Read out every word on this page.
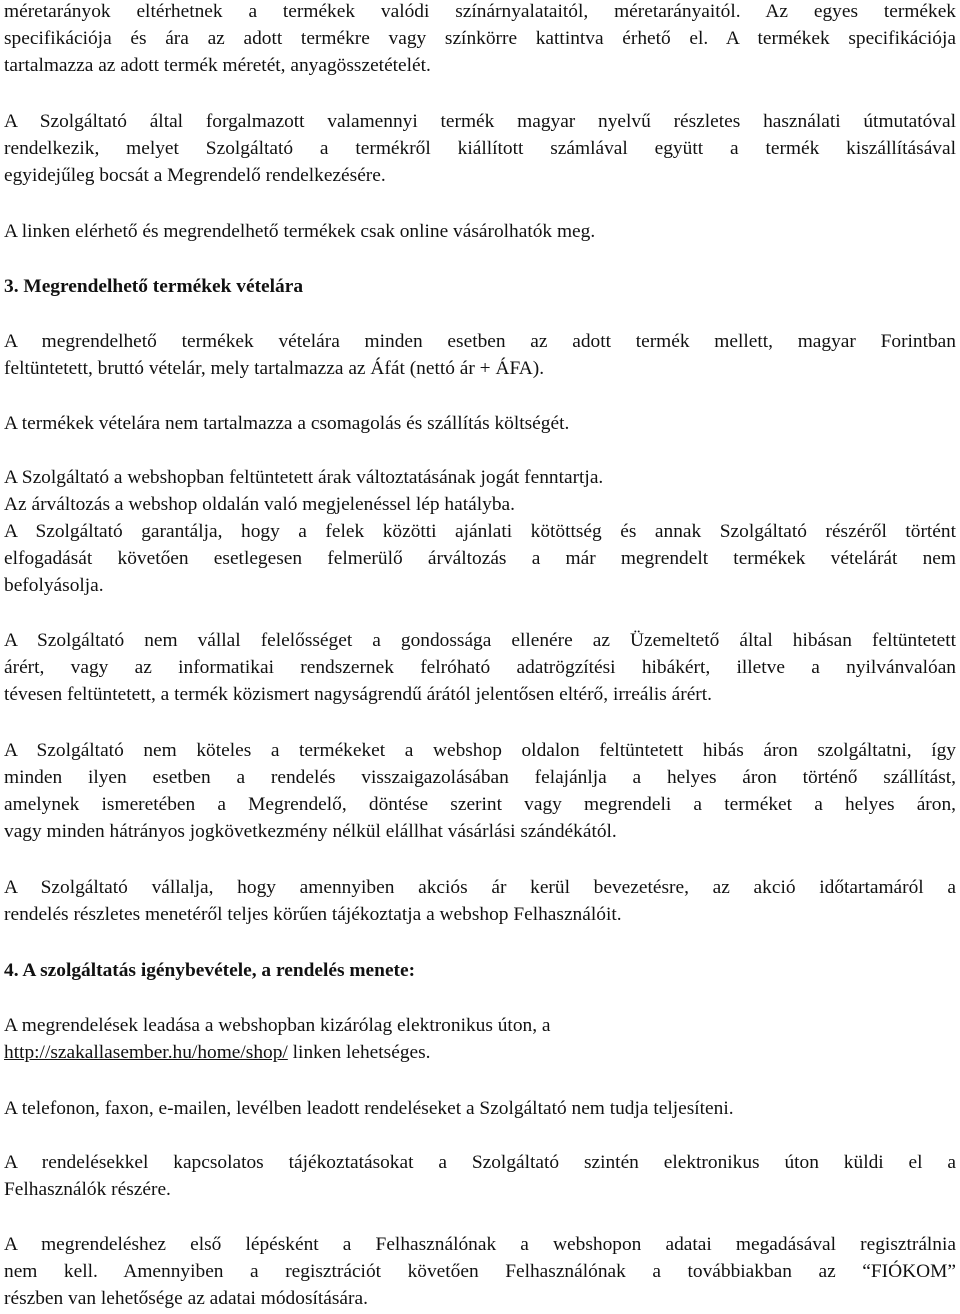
méretarányok eltérhetnek a termékek valódi színárnyalataitól, méretarányaitól. Az egyes termékek
specifikációja és ára az adott termékre vagy színkörre kattintva érhető el. A termékek specifikációja
tartalmazza az adott termék méretét, anyagösszetételét.
A Szolgáltató által forgalmazott valamennyi termék magyar nyelvű részletes használati útmutatóval
rendelkezik, melyet Szolgáltató a termékről kiállított számlával együtt a termék kiszállításával
egyidejűleg bocsát a Megrendelő rendelkezésére.
A linken elérhető és megrendelhető termékek csak online vásárolhatók meg.
3. Megrendelhető termékek vételára
A megrendelhető termékek vételára minden esetben az adott termék mellett, magyar Forintban
feltüntetett, bruttó vételár, mely tartalmazza az Áfát (nettó ár + ÁFA).
A termékek vételára nem tartalmazza a csomagolás és szállítás költségét.
A Szolgáltató a webshopban feltüntetett árak változtatásának jogát fenntartja.
Az árváltozás a webshop oldalán való megjelenéssel lép hatályba.
A Szolgáltató garantálja, hogy a felek közötti ajánlati kötöttség és annak Szolgáltató részéről történt
elfogadását követően esetlegesen felmerülő árváltozás a már megrendelt termékek vételárát nem
befolyásolja.
A Szolgáltató nem vállal felelősséget a gondossága ellenére az Üzemeltető által hibásan feltüntetett
árért, vagy az informatikai rendszernek felróható adatrögzítési hibákért, illetve a nyilvánvalóan
tévesen feltüntetett, a termék közismert nagyságrendű árától jelentősen eltérő, irreális árért.
A Szolgáltató nem köteles a termékeket a webshop oldalon feltüntetett hibás áron szolgáltatni, így
minden ilyen esetben a rendelés visszaigazolásában felajánlja a helyes áron történő szállítást,
amelynek ismeretében a Megrendelő, döntése szerint vagy megrendeli a terméket a helyes áron,
vagy minden hátrányos jogkövetkezmény nélkül elállhat vásárlási szándékától.
A Szolgáltató vállalja, hogy amennyiben akciós ár kerül bevezetésre, az akció időtartamáról a
rendelés részletes menetéről teljes körűen tájékoztatja a webshop Felhasználóit.
4. A szolgáltatás igénybevétele, a rendelés menete:
A megrendelések leadása a webshopban kizárólag elektronikus úton, a
http://szakallasember.hu/home/shop/ linken lehetséges.
A telefonon, faxon, e-mailen, levélben leadott rendeléseket a Szolgáltató nem tudja teljesíteni.
A rendelésekkel kapcsolatos tájékoztatásokat a Szolgáltató szintén elektronikus úton küldi el a
Felhasználók részére.
A megrendeléshez első lépésként a Felhasználónak a webshopon adatai megadásával regisztrálnia
nem kell. Amennyiben a regisztrációt követően Felhasználónak a továbbiakban az “FIÓKOM”
részben van lehetősége az adatai módosítására.
